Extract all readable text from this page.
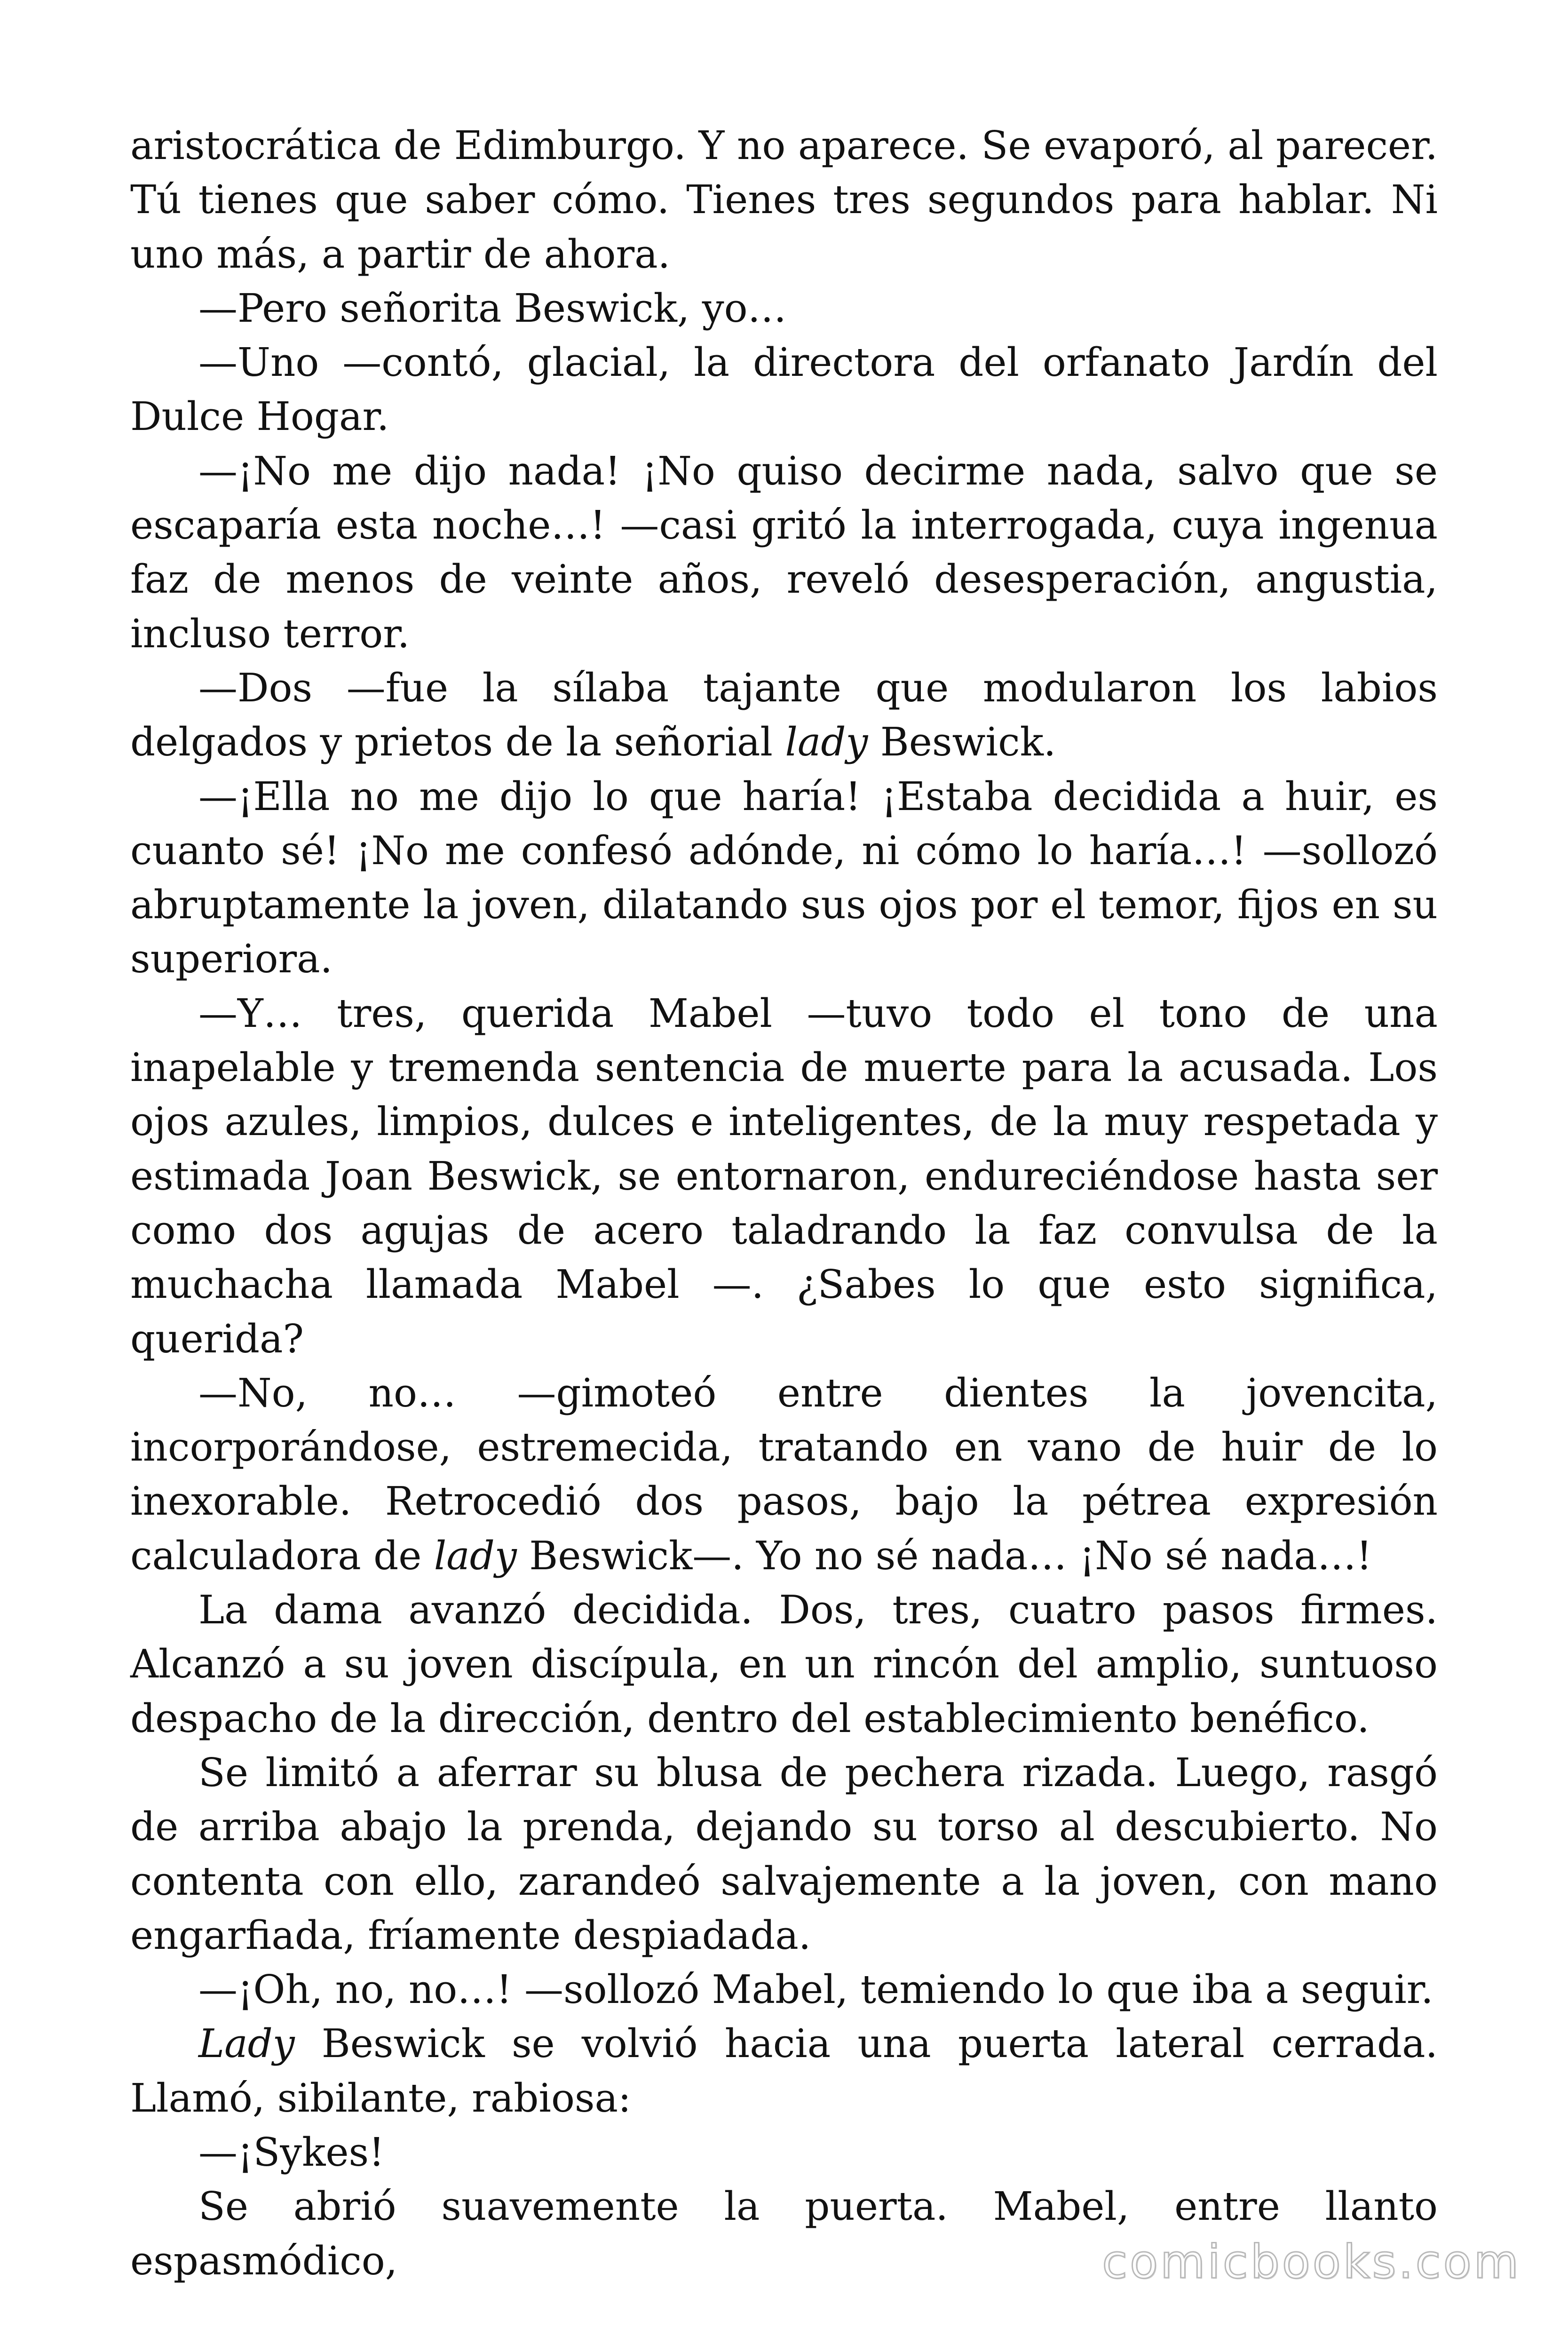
aristocrática de Edimburgo. Y no aparece. Se evaporó, al parecer. Tú tienes que saber cómo. Tienes tres segundos para hablar. Ni uno más, a partir de ahora.

—Pero señorita Beswick, yo…

—Uno —contó, glacial, la directora del orfanato Jardín del Dulce Hogar.

—¡No me dijo nada! ¡No quiso decirme nada, salvo que se escaparía esta noche…! —casi gritó la interrogada, cuya ingenua faz de menos de veinte años, reveló desesperación, angustia, incluso terror.

—Dos —fue la sílaba tajante que modularon los labios delgados y prietos de la señorial lady Beswick.

—¡Ella no me dijo lo que haría! ¡Estaba decidida a huir, es cuanto sé! ¡No me confesó adónde, ni cómo lo haría…! —sollozó abruptamente la joven, dilatando sus ojos por el temor, fijos en su superiora.

—Y… tres, querida Mabel —tuvo todo el tono de una inapelable y tremenda sentencia de muerte para la acusada. Los ojos azules, limpios, dulces e inteligentes, de la muy respetada y estimada Joan Beswick, se entornaron, endureciéndose hasta ser como dos agujas de acero taladrando la faz convulsa de la muchacha llamada Mabel —. ¿Sabes lo que esto significa, querida?

—No, no… —gimoteó entre dientes la jovencita, incorporándose, estremecida, tratando en vano de huir de lo inexorable. Retrocedió dos pasos, bajo la pétrea expresión calculadora de lady Beswick—. Yo no sé nada… ¡No sé nada…!

La dama avanzó decidida. Dos, tres, cuatro pasos firmes. Alcanzó a su joven discípula, en un rincón del amplio, suntuoso despacho de la dirección, dentro del establecimiento benéfico.

Se limitó a aferrar su blusa de pechera rizada. Luego, rasgó de arriba abajo la prenda, dejando su torso al descubierto. No contenta con ello, zarandeó salvajemente a la joven, con mano engarfiada, fríamente despiadada.

—¡Oh, no, no…! —sollozó Mabel, temiendo lo que iba a seguir.

Lady Beswick se volvió hacia una puerta lateral cerrada. Llamó, sibilante, rabiosa:

—¡Sykes!

Se abrió suavemente la puerta. Mabel, entre llanto espasmódico,	comicbooks.com
